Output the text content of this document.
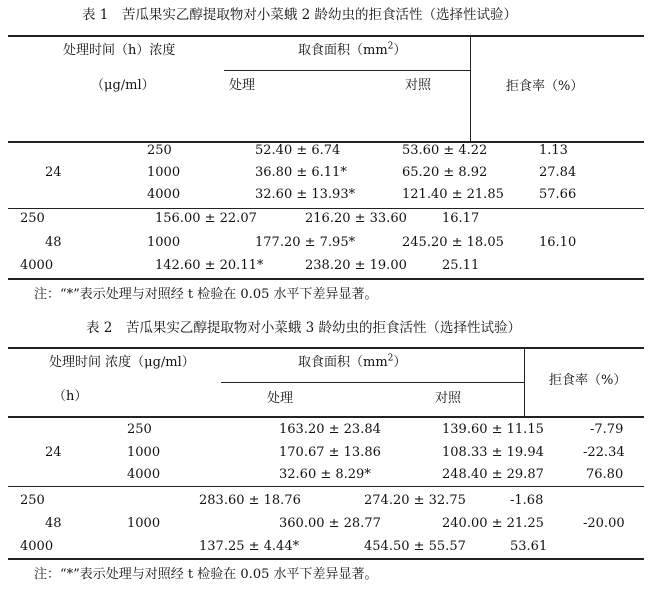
表 1　苦瓜果实乙醇提取物对小菜蛾 2 龄幼虫的拒食活性（选择性试验）
处理时间（h）浓度
（μg/ml）
取食面积$(mm^2)$
处理	对照	拒食率（%）
250	52.40 ± 6.74	53.60 ± 4.22	1.13
24	1000	36.80 ± 6.11*	65.20 ± 8.92	27.84
4000	32.60 ± 13.93*	121.40 ± 21.85	57.66
250	156.00 ± 22.07	216.20 ± 33.60	16.17
48	1000	177.20 ± 7.95*	245.20 ± 18.05	16.10
4000	142.60 ± 20.11*	238.20 ± 19.00	25.11
注：“*”表示处理与对照经 t 检验在 0.05 水平下差异显著。
表 2　苦瓜果实乙醇提取物对小菜蛾 3 龄幼虫的拒食活性（选择性试验）
处理时间 浓度（μg/ml）
（h）
取食面积$(mm^2)$
处理	对照
拒食率（%）
250	163.20 ± 23.84	139.60 ± 11.15	-7.79
24	1000	170.67 ± 13.86	108.33 ± 19.94	-22.34
4000	32.60 ± 8.29*	248.40 ± 29.87	76.80
250	283.60 ± 18.76	274.20 ± 32.75	-1.68
48	1000	360.00 ± 28.77	240.00 ± 21.25	-20.00
4000	137.25 ± 4.44*	454.50 ± 55.57	53.61
注：“*”表示处理与对照经 t 检验在 0.05 水平下差异显著。
